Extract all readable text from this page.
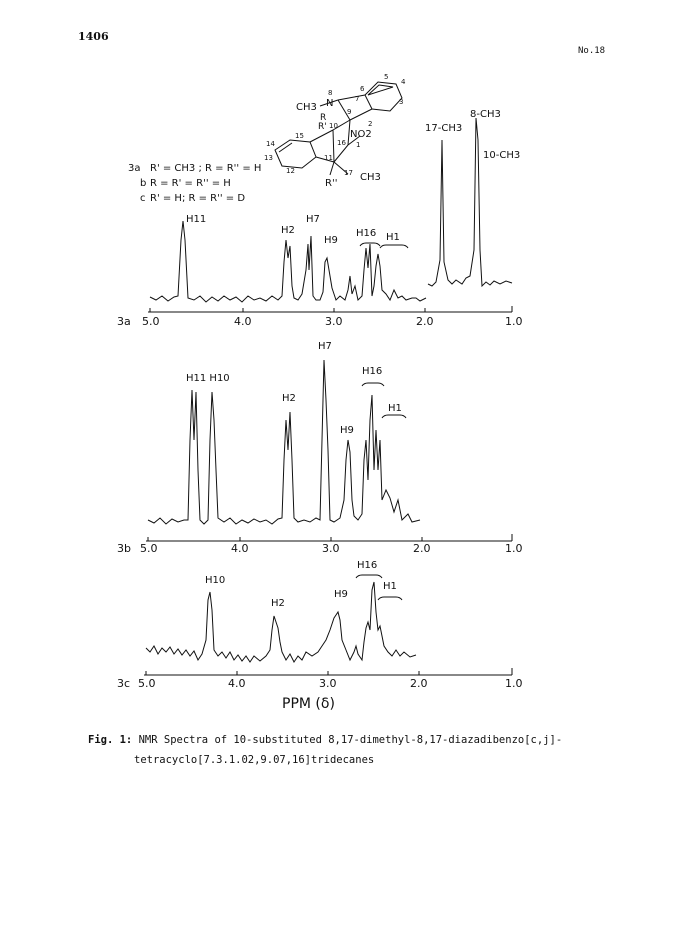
1406
No.18
CH3 N
8
R
R' 10
9
NO2
16 1
2
3
4
5
6
7
11
12
13
14
15
17 CH3
R''
3a R' = CH3 ; R = R'' = H
b R = R' = R'' = H
c R' = H; R = R'' = D
3a 5.0	4.0	3.0	2.0	1.0
H11
H2
H7
H9
H16 H1
17-CH3
8-CH3
10-CH3
3b 5.0	4.0	3.0	2.0	1.0
H11 H10
H2
H7
H9
H16
H1
3c 5.0	4.0	3.0	2.0	1.0
H10
H2
H9
H16
H1
PPM (δ)
Fig. 1: NMR Spectra of 10-substituted 8,17-dimethyl-8,17-diazadibenzo[c,j]-
tetracyclo[7.3.1.02,9.07,16]tridecanes
